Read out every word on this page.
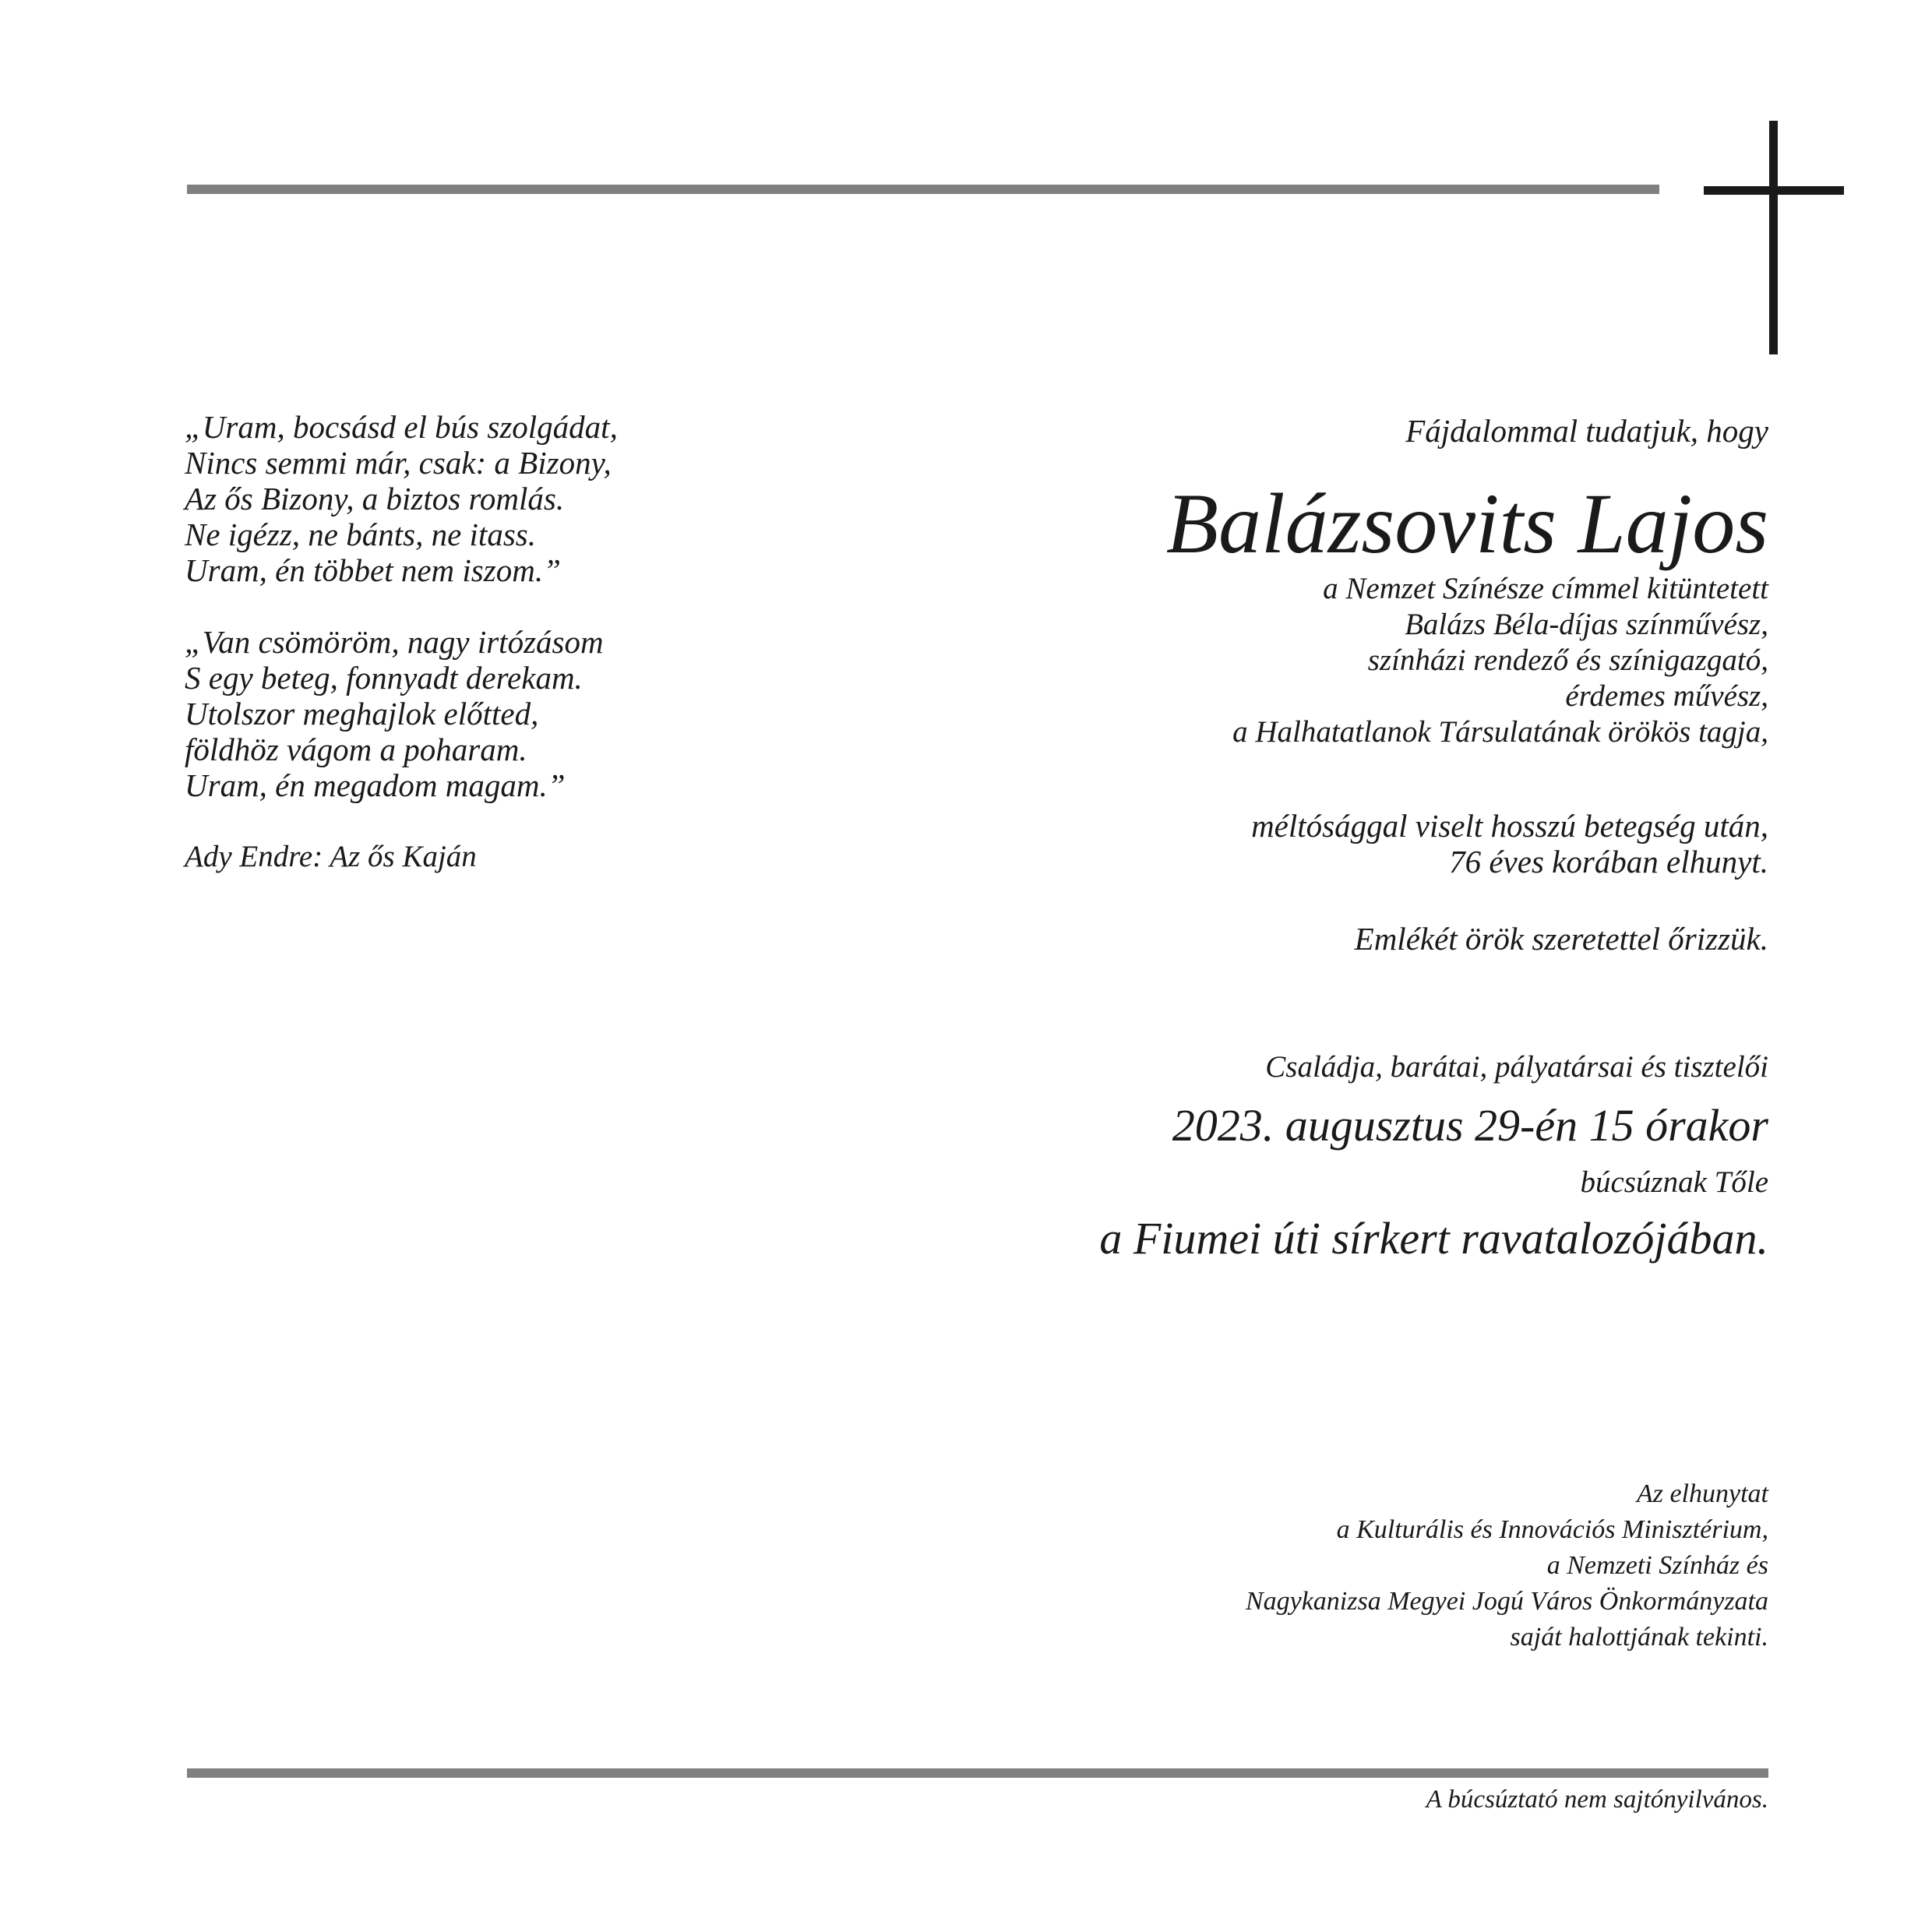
„Uram, bocsásd el bús szolgádat,
Nincs semmi már, csak: a Bizony,
Az ős Bizony, a biztos romlás.
Ne igézz, ne bánts, ne itass.
Uram, én többet nem iszom.”
„Van csömöröm, nagy irtózásom
S egy beteg, fonnyadt derekam.
Utolszor meghajlok előtted,
földhöz vágom a poharam.
Uram, én megadom magam.”
Ady Endre: Az ős Kaján
Fájdalommal tudatjuk, hogy
Balázsovits Lajos
a Nemzet Színésze címmel kitüntetett
Balázs Béla-díjas színművész,
színházi rendező és színigazgató,
érdemes művész,
a Halhatatlanok Társulatának örökös tagja,
méltósággal viselt hosszú betegség után,
76 éves korában elhunyt.
Emlékét örök szeretettel őrizzük.
Családja, barátai, pályatársai és tisztelői
2023. augusztus 29-én 15 órakor
búcsúznak Tőle
a Fiumei úti sírkert ravatalozójában.
Az elhunytat
a Kulturális és Innovációs Minisztérium,
a Nemzeti Színház és
Nagykanizsa Megyei Jogú Város Önkormányzata
saját halottjának tekinti.
A búcsúztató nem sajtónyilvános.
